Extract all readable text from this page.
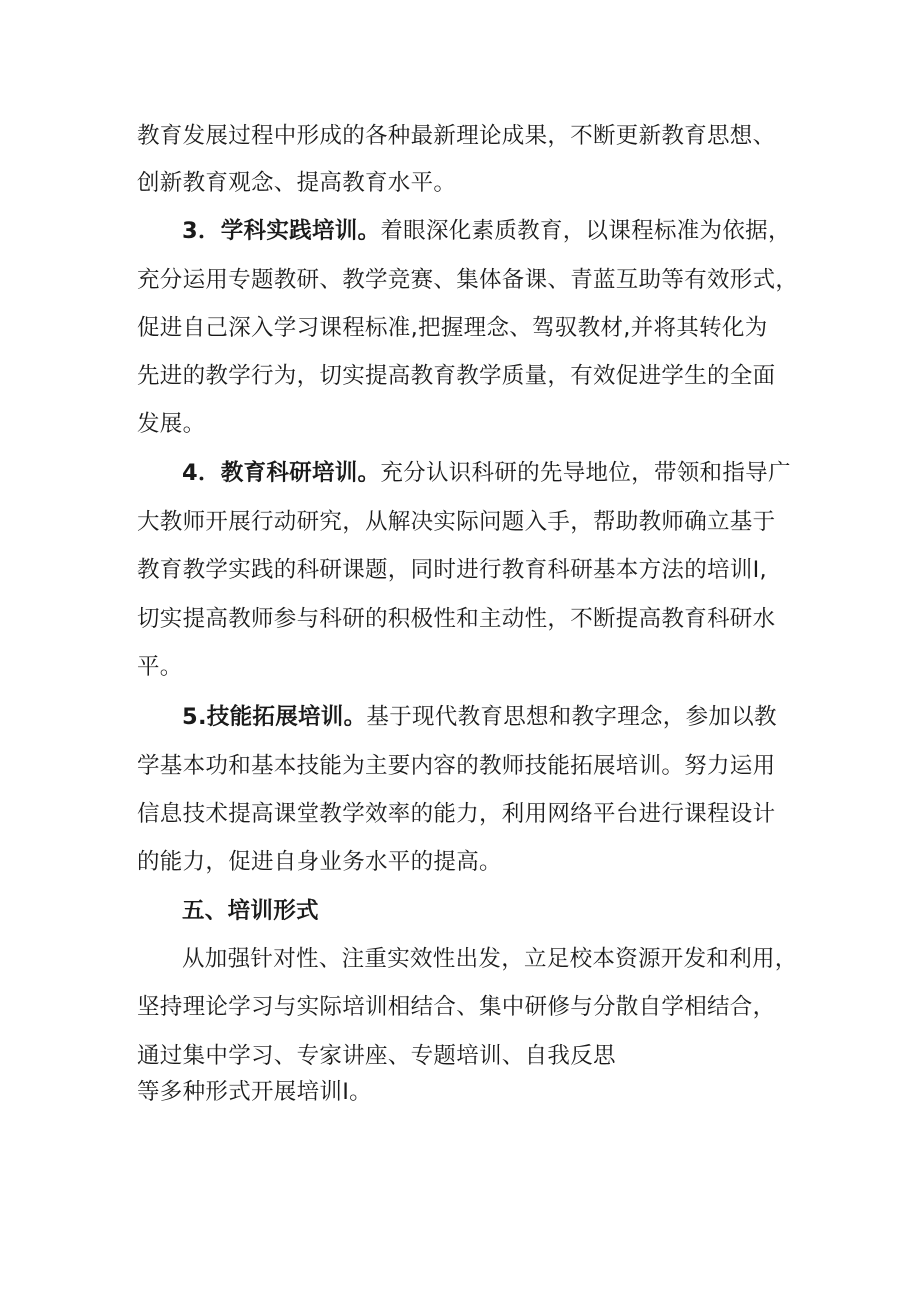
教育发展过程中形成的各种最新理论成果，不断更新教育思想、
创新教育观念、提高教育水平。
3．学科实践培训。着眼深化素质教育，以课程标准为依据，
充分运用专题教研、教学竞赛、集体备课、青蓝互助等有效形式，
促进自己深入学习课程标准,把握理念、驾驭教材,并将其转化为
先进的教学行为，切实提高教育教学质量，有效促进学生的全面
发展。
4．教育科研培训。充分认识科研的先导地位，带领和指导广
大教师开展行动研究，从解决实际问题入手，帮助教师确立基于
教育教学实践的科研课题，同时进行教育科研基本方法的培训Ⅰ,
切实提高教师参与科研的积极性和主动性，不断提高教育科研水
平。
5.技能拓展培训。基于现代教育思想和教字理念，参加以教
学基本功和基本技能为主要内容的教师技能拓展培训。努力运用
信息技术提高课堂教学效率的能力，利用网络平台进行课程设计
的能力，促进自身业务水平的提高。
五、培训形式
从加强针对性、注重实效性出发，立足校本资源开发和利用，
坚持理论学习与实际培训相结合、集中研修与分散自学相结合，
通过集中学习、专家讲座、专题培训、自我反思
等多种形式开展培训Ⅰ。
